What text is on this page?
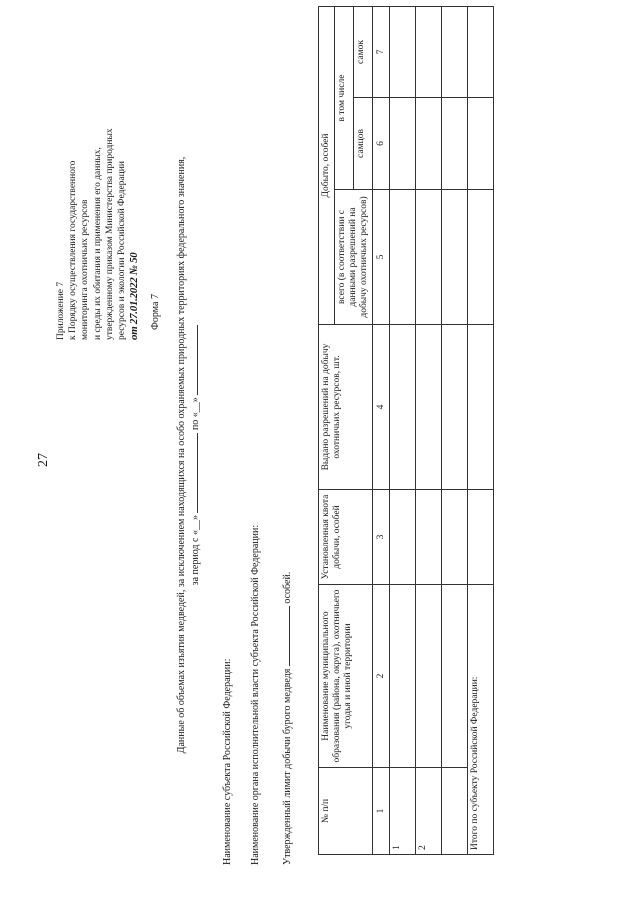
27
Приложение 7 к Порядку осуществления государственного мониторинга охотничьих ресурсов и среды их обитания и применения его данных, утвержденному приказом Министерства природных ресурсов и экологии Российской Федерации от 27.01.2022 № 50 Форма 7 Данные об объемах изъятия медведей, за исключением находящихся на особо охраняемых природных территориях федерального значения, за период с «__»  по «__»
Наименование субъекта Российской Федерации: Наименование органа исполнительной власти субъекта Российской Федерации: Утвержденный лимит добычи бурого медведя  особей.
№ п/п	Наименование муниципального образования (района, округа), охотничьего угодья и иной территории	Установленная квота добычи, особей	Выдано разрешений на добычу охотничьих ресурсов, шт.	Добыто, особей		
				всего (в соответствии с данными разрешений на добычу охотничьих ресурсов)	в том числе	
					самцов	самок
1	2	3	4	5	6	7
1						
2						

Итого по субъекту Российской Федерации:						
